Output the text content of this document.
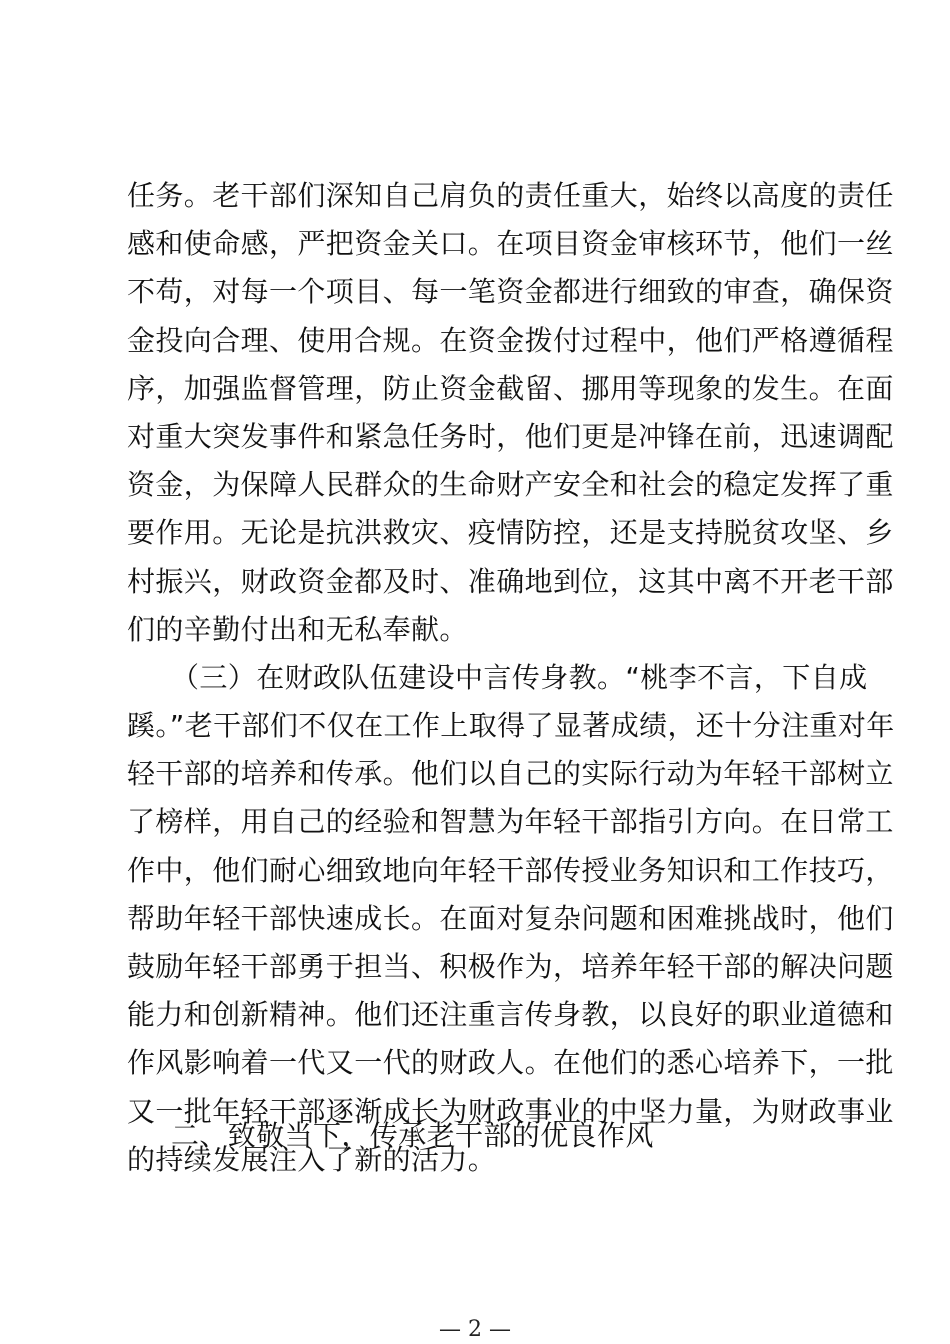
任务。老干部们深知自己肩负的责任重大，始终以高度的责任
感和使命感，严把资金关口。在项目资金审核环节，他们一丝
不苟，对每一个项目、每一笔资金都进行细致的审查，确保资
金投向合理、使用合规。在资金拨付过程中，他们严格遵循程
序，加强监督管理，防止资金截留、挪用等现象的发生。在面
对重大突发事件和紧急任务时，他们更是冲锋在前，迅速调配
资金，为保障人民群众的生命财产安全和社会的稳定发挥了重
要作用。无论是抗洪救灾、疫情防控，还是支持脱贫攻坚、乡
村振兴，财政资金都及时、准确地到位，这其中离不开老干部
们的辛勤付出和无私奉献。
（三）在财政队伍建设中言传身教。“桃李不言，下自成
蹊。”老干部们不仅在工作上取得了显著成绩，还十分注重对年
轻干部的培养和传承。他们以自己的实际行动为年轻干部树立
了榜样，用自己的经验和智慧为年轻干部指引方向。在日常工
作中，他们耐心细致地向年轻干部传授业务知识和工作技巧，
帮助年轻干部快速成长。在面对复杂问题和困难挑战时，他们
鼓励年轻干部勇于担当、积极作为，培养年轻干部的解决问题
能力和创新精神。他们还注重言传身教，以良好的职业道德和
作风影响着一代又一代的财政人。在他们的悉心培养下，一批
又一批年轻干部逐渐成长为财政事业的中坚力量，为财政事业
的持续发展注入了新的活力。
二、致敬当下，传承老干部的优良作风
— 2 —
